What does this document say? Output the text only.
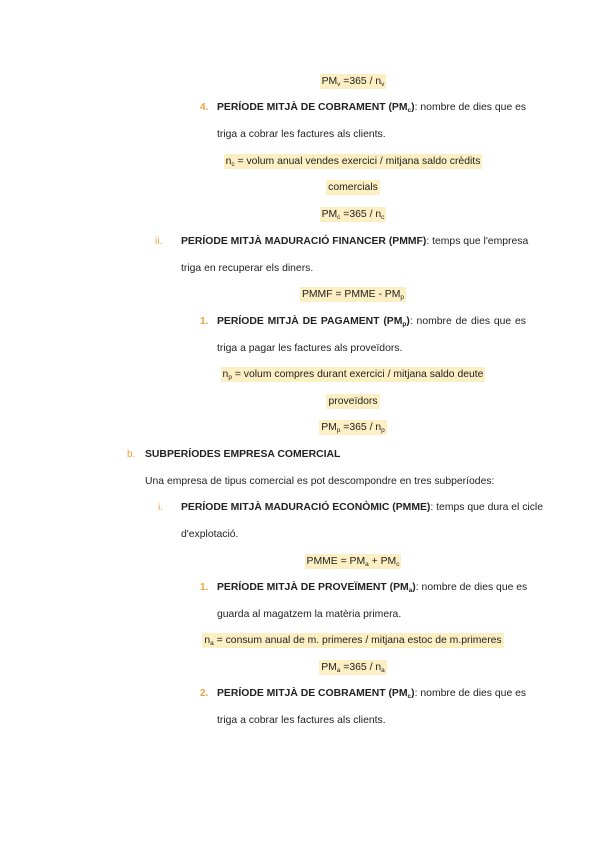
$PM_v =365 / n_v$
4. PERÍODE MITJÀ DE COBRAMENT $(PM_c)$: nombre de dies que es
triga a cobrar les factures als clients.
$n_c$ = volum anual vendes exercici / mitjana saldo crèdits
comercials
$PM_c =365 / n_c$
ii. PERÍODE MITJÀ MADURACIÓ FINANCER (PMMF): temps que l'empresa
triga en recuperar els diners.
PMMF = PMME - $PM_p$
1. PERÍODE MITJÀ DE PAGAMENT $(PM_p)$: nombre de dies que es
triga a pagar les factures als proveïdors.
$n_p$ = volum compres durant exercici / mitjana saldo deute
proveïdors
$PM_p =365 / n_p$
b. SUBPERÍODES EMPRESA COMERCIAL
Una empresa de tipus comercial es pot descompondre en tres subperíodes:
i. PERÍODE MITJÀ MADURACIÓ ECONÒMIC (PMME): temps que dura el cicle
d'explotació.
PMME = $PM_a + PM_c$
1. PERÍODE MITJÀ DE PROVEÏMENT $(PM_a)$: nombre de dies que es
guarda al magatzem la matèria primera.
$n_a$ = consum anual de m. primeres / mitjana estoc de m.primeres
$PM_a =365 / n_a$
2. PERÍODE MITJÀ DE COBRAMENT $(PM_c)$: nombre de dies que es
triga a cobrar les factures als clients.
